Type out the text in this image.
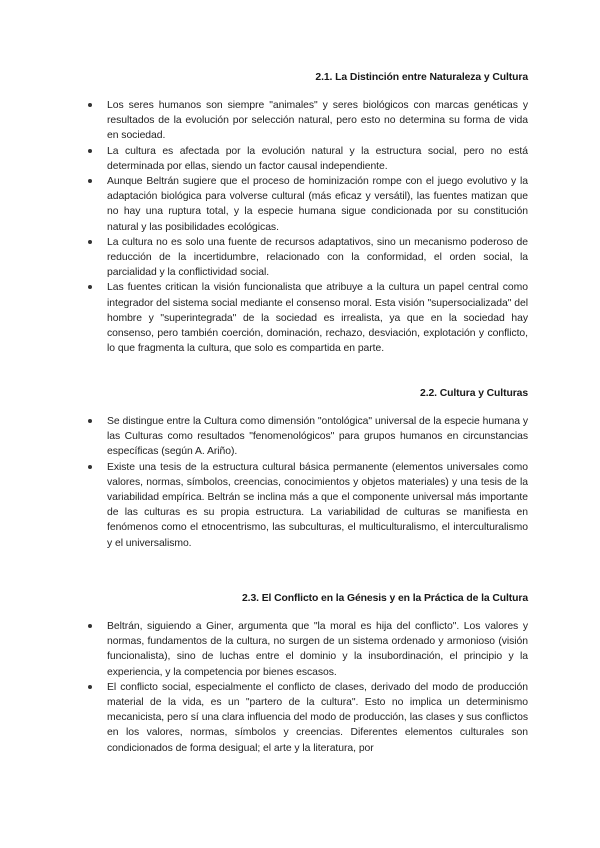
2.1. La Distinción entre Naturaleza y Cultura
Los seres humanos son siempre "animales" y seres biológicos con marcas genéticas y resultados de la evolución por selección natural, pero esto no determina su forma de vida en sociedad.
La cultura es afectada por la evolución natural y la estructura social, pero no está determinada por ellas, siendo un factor causal independiente.
Aunque Beltrán sugiere que el proceso de hominización rompe con el juego evolutivo y la adaptación biológica para volverse cultural (más eficaz y versátil), las fuentes matizan que no hay una ruptura total, y la especie humana sigue condicionada por su constitución natural y las posibilidades ecológicas.
La cultura no es solo una fuente de recursos adaptativos, sino un mecanismo poderoso de reducción de la incertidumbre, relacionado con la conformidad, el orden social, la parcialidad y la conflictividad social.
Las fuentes critican la visión funcionalista que atribuye a la cultura un papel central como integrador del sistema social mediante el consenso moral. Esta visión "supersocializada" del hombre y "superintegrada" de la sociedad es irrealista, ya que en la sociedad hay consenso, pero también coerción, dominación, rechazo, desviación, explotación y conflicto, lo que fragmenta la cultura, que solo es compartida en parte.
2.2. Cultura y Culturas
Se distingue entre la Cultura como dimensión "ontológica" universal de la especie humana y las Culturas como resultados "fenomenológicos" para grupos humanos en circunstancias específicas (según A. Ariño).
Existe una tesis de la estructura cultural básica permanente (elementos universales como valores, normas, símbolos, creencias, conocimientos y objetos materiales) y una tesis de la variabilidad empírica. Beltrán se inclina más a que el componente universal más importante de las culturas es su propia estructura. La variabilidad de culturas se manifiesta en fenómenos como el etnocentrismo, las subculturas, el multiculturalismo, el interculturalismo y el universalismo.
2.3. El Conflicto en la Génesis y en la Práctica de la Cultura
Beltrán, siguiendo a Giner, argumenta que "la moral es hija del conflicto". Los valores y normas, fundamentos de la cultura, no surgen de un sistema ordenado y armonioso (visión funcionalista), sino de luchas entre el dominio y la insubordinación, el principio y la experiencia, y la competencia por bienes escasos.
El conflicto social, especialmente el conflicto de clases, derivado del modo de producción material de la vida, es un "partero de la cultura". Esto no implica un determinismo mecanicista, pero sí una clara influencia del modo de producción, las clases y sus conflictos en los valores, normas, símbolos y creencias. Diferentes elementos culturales son condicionados de forma desigual; el arte y la literatura, por
